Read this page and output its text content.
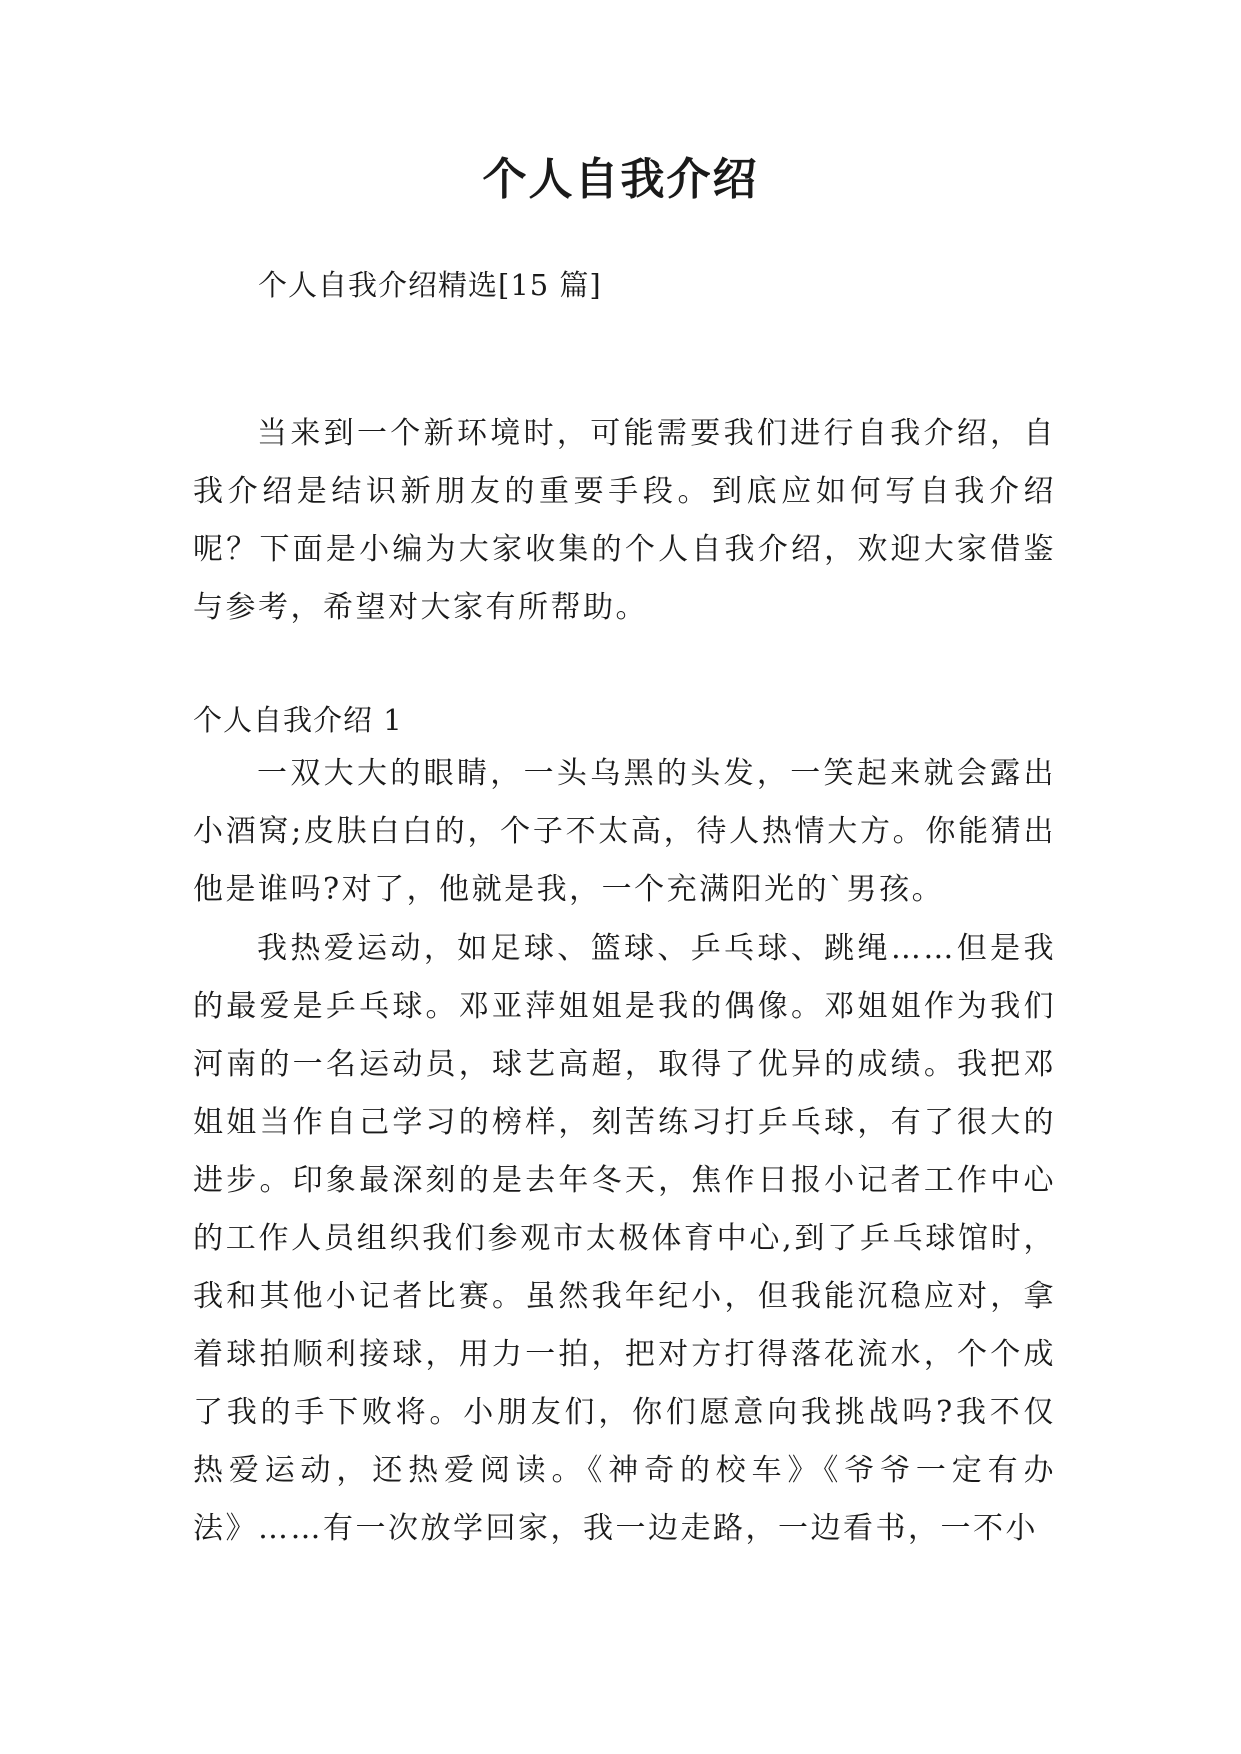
个人自我介绍

个人自我介绍精选[15 篇]

当来到一个新环境时，可能需要我们进行自我介绍，自我介绍是结识新朋友的重要手段。到底应如何写自我介绍呢？下面是小编为大家收集的个人自我介绍，欢迎大家借鉴与参考，希望对大家有所帮助。

个人自我介绍 1

一双大大的眼睛，一头乌黑的头发，一笑起来就会露出小酒窝;皮肤白白的，个子不太高，待人热情大方。你能猜出他是谁吗?对了，他就是我，一个充满阳光的`男孩。

我热爱运动，如足球、篮球、乒乓球、跳绳……但是我的最爱是乒乓球。邓亚萍姐姐是我的偶像。邓姐姐作为我们河南的一名运动员，球艺高超，取得了优异的成绩。我把邓姐姐当作自己学习的榜样，刻苦练习打乒乓球，有了很大的进步。印象最深刻的是去年冬天，焦作日报小记者工作中心的工作人员组织我们参观市太极体育中心,到了乒乓球馆时，我和其他小记者比赛。虽然我年纪小，但我能沉稳应对，拿着球拍顺利接球，用力一拍，把对方打得落花流水，个个成了我的手下败将。小朋友们，你们愿意向我挑战吗?我不仅热爱运动，还热爱阅读。《神奇的校车》《爷爷一定有办法》……有一次放学回家，我一边走路，一边看书，一不小
